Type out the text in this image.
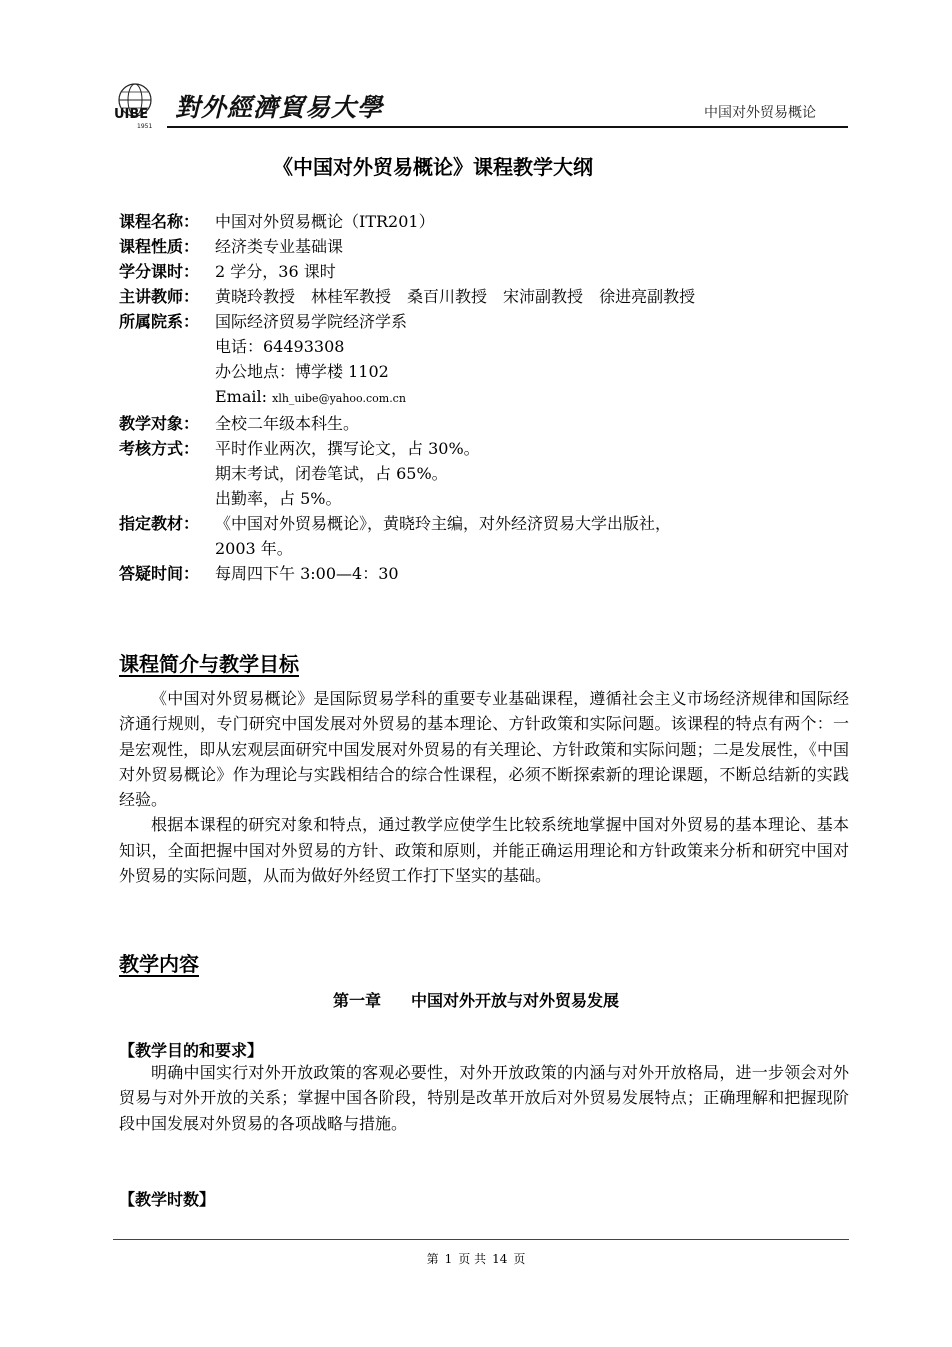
UIBE
1951
對外經濟貿易大學	中国对外贸易概论
《中国对外贸易概论》课程教学大纲
课程名称： 中国对外贸易概论（ITR201）
课程性质： 经济类专业基础课
学分课时： 2 学分，36 课时
主讲教师： 黄晓玲教授 林桂军教授 桑百川教授 宋沛副教授 徐进亮副教授
所属院系： 国际经济贸易学院经济学系
电话：64493308
办公地点：博学楼 1102
Email: xlh_uibe@yahoo.com.cn
教学对象： 全校二年级本科生。
考核方式： 平时作业两次，撰写论文，占 30%。
期末考试，闭卷笔试，占 65%。
出勤率，占 5%。
指定教材： 《中国对外贸易概论》，黄晓玲主编，对外经济贸易大学出版社，
2003 年。
答疑时间： 每周四下午 3:00—4：30
课程简介与教学目标

《中国对外贸易概论》是国际贸易学科的重要专业基础课程，遵循社会主义市场经济规律和国际经济通行规则，专门研究中国发展对外贸易的基本理论、方针政策和实际问题。该课程的特点有两个：一是宏观性，即从宏观层面研究中国发展对外贸易的有关理论、方针政策和实际问题；二是发展性，《中国对外贸易概论》作为理论与实践相结合的综合性课程，必须不断探索新的理论课题，不断总结新的实践经验。

根据本课程的研究对象和特点，通过教学应使学生比较系统地掌握中国对外贸易的基本理论、基本知识，全面把握中国对外贸易的方针、政策和原则，并能正确运用理论和方针政策来分析和研究中国对外贸易的实际问题，从而为做好外经贸工作打下坚实的基础。

教学内容
第一章 中国对外开放与对外贸易发展
【教学目的和要求】

明确中国实行对外开放政策的客观必要性，对外开放政策的内涵与对外开放格局，进一步领会对外贸易与对外开放的关系；掌握中国各阶段，特别是改革开放后对外贸易发展特点；正确理解和把握现阶段中国发展对外贸易的各项战略与措施。

【教学时数】
第 1 页 共 14 页
